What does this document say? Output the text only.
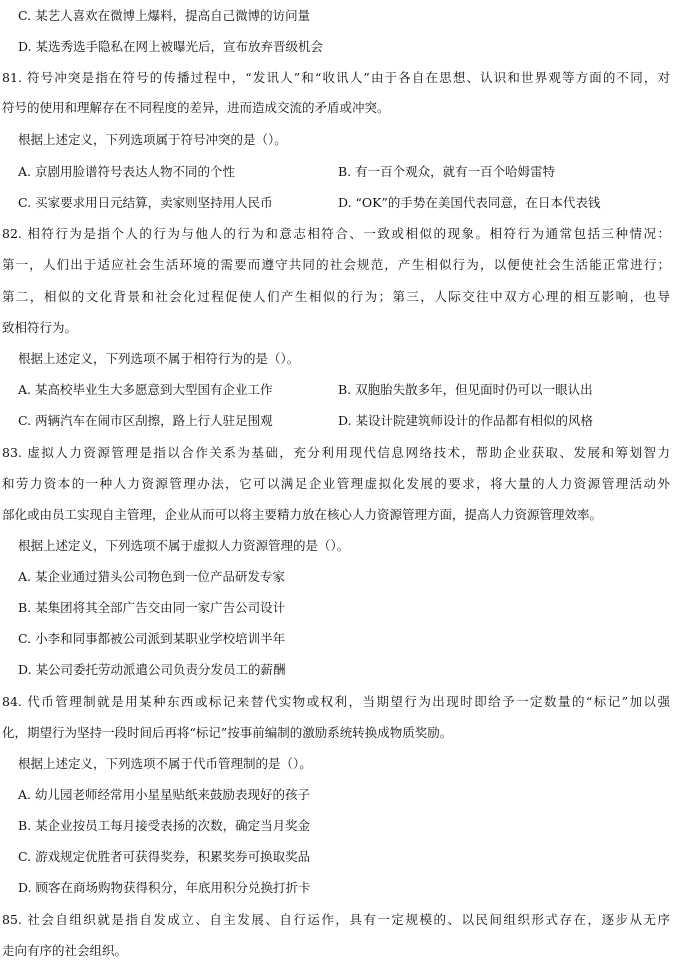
C. 某艺人喜欢在微博上爆料，提高自己微博的访问量
D. 某选秀选手隐私在网上被曝光后，宣布放弃晋级机会
81. 符号冲突是指在符号的传播过程中，“发讯人”和“收讯人”由于各自在思想、认识和世界观等方面的不同，对
符号的使用和理解存在不同程度的差异，进而造成交流的矛盾或冲突。
根据上述定义，下列选项属于符号冲突的是（）。
A. 京剧用脸谱符号表达人物不同的个性	B. 有一百个观众，就有一百个哈姆雷特
C. 买家要求用日元结算，卖家则坚持用人民币	D. “OK”的手势在美国代表同意，在日本代表钱
82. 相符行为是指个人的行为与他人的行为和意志相符合、一致或相似的现象。相符行为通常包括三种情况：
第一，人们出于适应社会生活环境的需要而遵守共同的社会规范，产生相似行为，以便使社会生活能正常进行；
第二，相似的文化背景和社会化过程促使人们产生相似的行为；第三，人际交往中双方心理的相互影响，也导
致相符行为。
根据上述定义，下列选项不属于相符行为的是（）。
A. 某高校毕业生大多愿意到大型国有企业工作	B. 双胞胎失散多年，但见面时仍可以一眼认出
C. 两辆汽车在闹市区刮擦，路上行人驻足围观	D. 某设计院建筑师设计的作品都有相似的风格
83. 虚拟人力资源管理是指以合作关系为基础，充分利用现代信息网络技术，帮助企业获取、发展和筹划智力
和劳力资本的一种人力资源管理办法，它可以满足企业管理虚拟化发展的要求，将大量的人力资源管理活动外
部化或由员工实现自主管理，企业从而可以将主要精力放在核心人力资源管理方面，提高人力资源管理效率。
根据上述定义，下列选项不属于虚拟人力资源管理的是（）。
A. 某企业通过猎头公司物色到一位产品研发专家
B. 某集团将其全部广告交由同一家广告公司设计
C. 小李和同事都被公司派到某职业学校培训半年
D. 某公司委托劳动派遣公司负责分发员工的薪酬
84. 代币管理制就是用某种东西或标记来替代实物或权利，当期望行为出现时即给予一定数量的“标记”加以强
化，期望行为坚持一段时间后再将“标记”按事前编制的激励系统转换成物质奖励。
根据上述定义，下列选项不属于代币管理制的是（）。
A. 幼儿园老师经常用小星星贴纸来鼓励表现好的孩子
B. 某企业按员工每月接受表扬的次数，确定当月奖金
C. 游戏规定优胜者可获得奖券，积累奖券可换取奖品
D. 顾客在商场购物获得积分，年底用积分兑换打折卡
85. 社会自组织就是指自发成立、自主发展、自行运作，具有一定规模的、以民间组织形式存在，逐步从无序
走向有序的社会组织。
